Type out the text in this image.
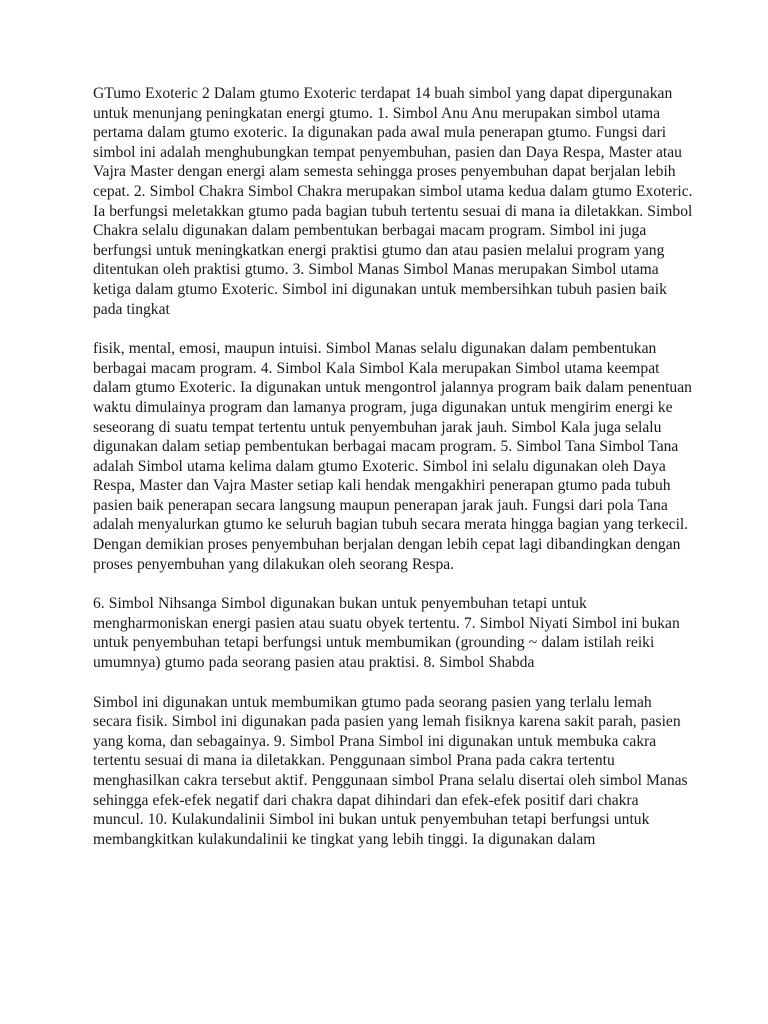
GTumo Exoteric 2 Dalam gtumo Exoteric terdapat 14 buah simbol yang dapat dipergunakan untuk menunjang peningkatan energi gtumo. 1. Simbol Anu Anu merupakan simbol utama pertama dalam gtumo exoteric. Ia digunakan pada awal mula penerapan gtumo. Fungsi dari simbol ini adalah menghubungkan tempat penyembuhan, pasien dan Daya Respa, Master atau Vajra Master dengan energi alam semesta sehingga proses penyembuhan dapat berjalan lebih cepat. 2. Simbol Chakra Simbol Chakra merupakan simbol utama kedua dalam gtumo Exoteric. Ia berfungsi meletakkan gtumo pada bagian tubuh tertentu sesuai di mana ia diletakkan. Simbol Chakra selalu digunakan dalam pembentukan berbagai macam program. Simbol ini juga berfungsi untuk meningkatkan energi praktisi gtumo dan atau pasien melalui program yang ditentukan oleh praktisi gtumo. 3. Simbol Manas Simbol Manas merupakan Simbol utama ketiga dalam gtumo Exoteric. Simbol ini digunakan untuk membersihkan tubuh pasien baik pada tingkat

fisik, mental, emosi, maupun intuisi. Simbol Manas selalu digunakan dalam pembentukan berbagai macam program. 4. Simbol Kala Simbol Kala merupakan Simbol utama keempat dalam gtumo Exoteric. Ia digunakan untuk mengontrol jalannya program baik dalam penentuan waktu dimulainya program dan lamanya program, juga digunakan untuk mengirim energi ke seseorang di suatu tempat tertentu untuk penyembuhan jarak jauh. Simbol Kala juga selalu digunakan dalam setiap pembentukan berbagai macam program. 5. Simbol Tana Simbol Tana adalah Simbol utama kelima dalam gtumo Exoteric. Simbol ini selalu digunakan oleh Daya Respa, Master dan Vajra Master setiap kali hendak mengakhiri penerapan gtumo pada tubuh pasien baik penerapan secara langsung maupun penerapan jarak jauh. Fungsi dari pola Tana adalah menyalurkan gtumo ke seluruh bagian tubuh secara merata hingga bagian yang terkecil. Dengan demikian proses penyembuhan berjalan dengan lebih cepat lagi dibandingkan dengan proses penyembuhan yang dilakukan oleh seorang Respa.

6. Simbol Nihsanga Simbol digunakan bukan untuk penyembuhan tetapi untuk mengharmoniskan energi pasien atau suatu obyek tertentu. 7. Simbol Niyati Simbol ini bukan untuk penyembuhan tetapi berfungsi untuk membumikan (grounding ~ dalam istilah reiki umumnya) gtumo pada seorang pasien atau praktisi. 8. Simbol Shabda

Simbol ini digunakan untuk membumikan gtumo pada seorang pasien yang terlalu lemah secara fisik. Simbol ini digunakan pada pasien yang lemah fisiknya karena sakit parah, pasien yang koma, dan sebagainya. 9. Simbol Prana Simbol ini digunakan untuk membuka cakra tertentu sesuai di mana ia diletakkan. Penggunaan simbol Prana pada cakra tertentu menghasilkan cakra tersebut aktif. Penggunaan simbol Prana selalu disertai oleh simbol Manas sehingga efek-efek negatif dari chakra dapat dihindari dan efek-efek positif dari chakra muncul. 10. Kulakundalinii Simbol ini bukan untuk penyembuhan tetapi berfungsi untuk membangkitkan kulakundalinii ke tingkat yang lebih tinggi. Ia digunakan dalam
